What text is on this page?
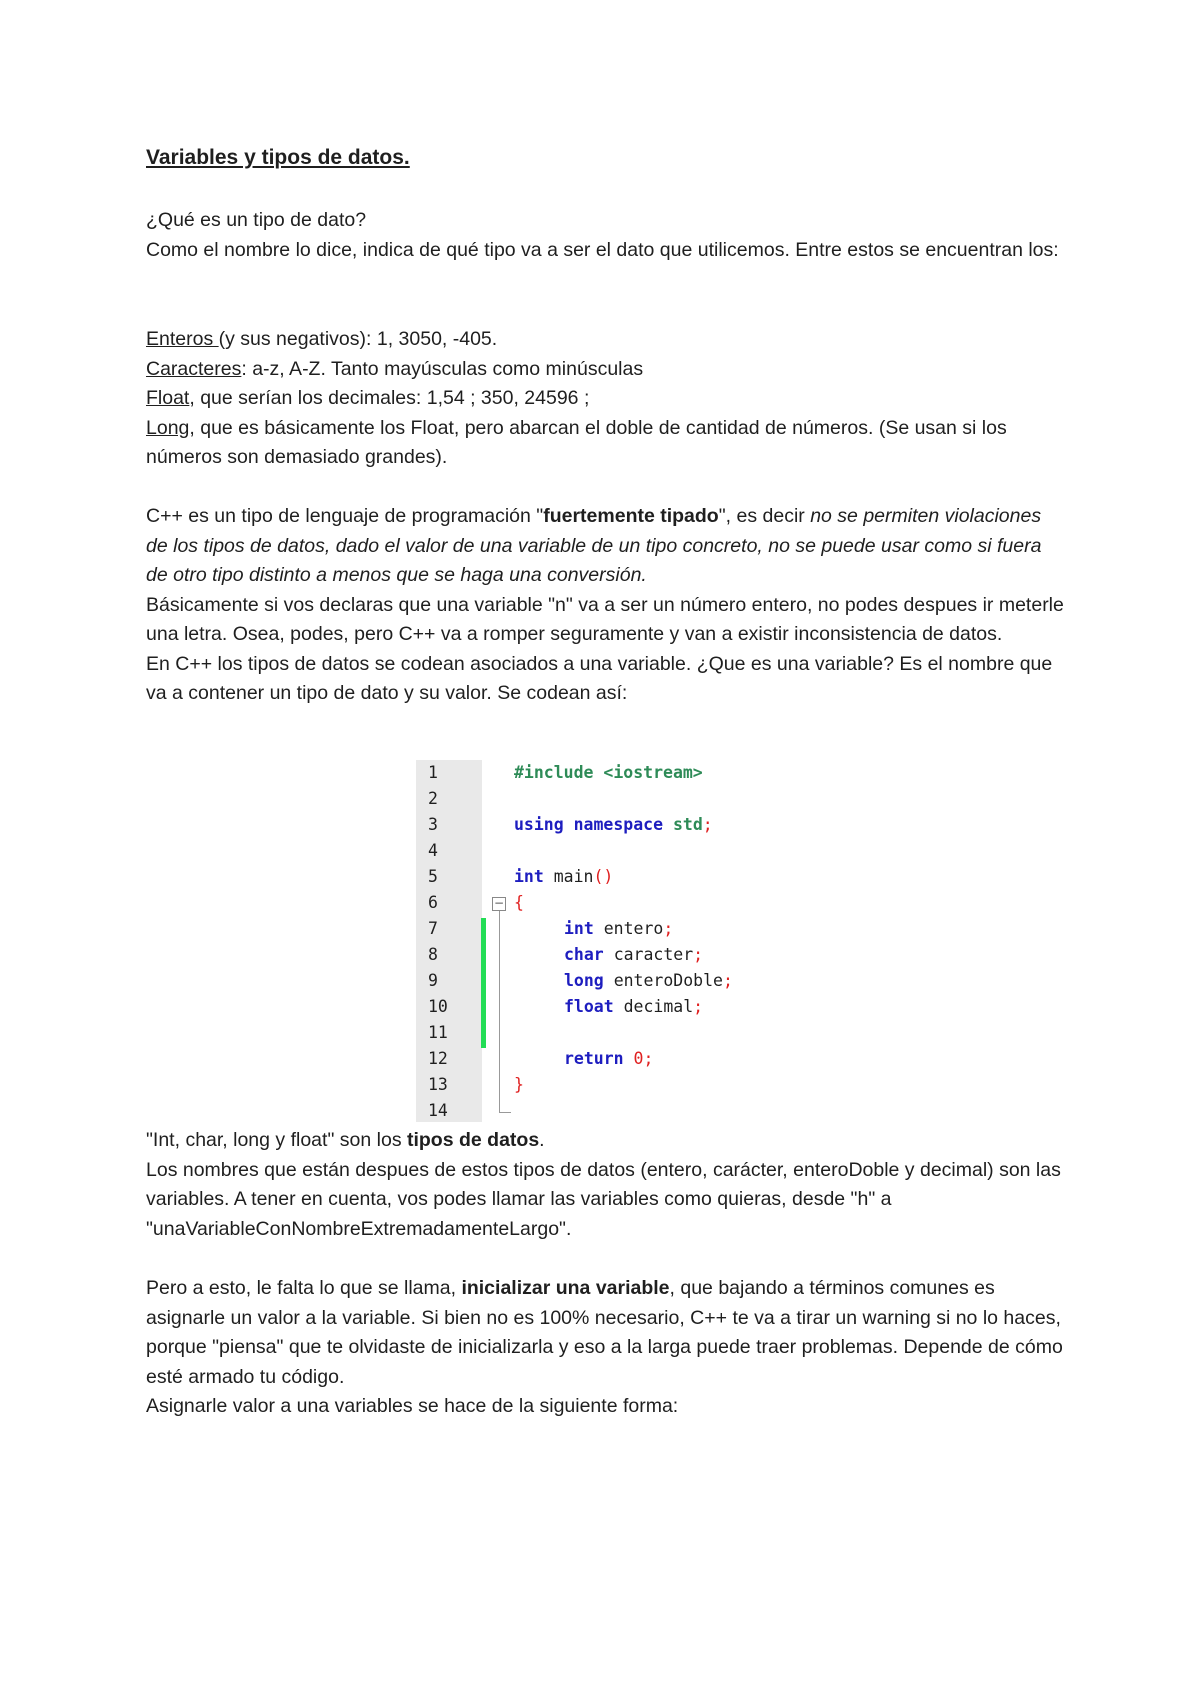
Variables y tipos de datos.

¿Qué es un tipo de dato?

Como el nombre lo dice, indica de qué tipo va a ser el dato que utilicemos. Entre estos se encuentran los:

Enteros (y sus negativos): 1, 3050, -405.

Caracteres: a-z, A-Z. Tanto mayúsculas como minúsculas

Float, que serían los decimales: 1,54 ; 350, 24596 ;

Long, que es básicamente los Float, pero abarcan el doble de cantidad de números. (Se usan si los números son demasiado grandes).

C++ es un tipo de lenguaje de programación "fuertemente tipado", es decir no se permiten violaciones de los tipos de datos, dado el valor de una variable de un tipo concreto, no se puede usar como si fuera de otro tipo distinto a menos que se haga una conversión.

Básicamente si vos declaras que una variable "n" va a ser un número entero, no podes despues ir meterle una letra. Osea, podes, pero C++ va a romper seguramente y van a existir inconsistencia de datos.

En C++ los tipos de datos se codean asociados a una variable. ¿Que es una variable? Es el nombre que va a contener un tipo de dato y su valor. Se codean así:

"Int, char, long y float" son los tipos de datos.

Los nombres que están despues de estos tipos de datos (entero, carácter, enteroDoble y decimal) son las variables. A tener en cuenta, vos podes llamar las variables como quieras, desde "h" a "unaVariableConNombreExtremadamenteLargo".

Pero a esto, le falta lo que se llama, inicializar una variable, que bajando a términos comunes es asignarle un valor a la variable. Si bien no es 100% necesario, C++ te va a tirar un warning si no lo haces, porque "piensa" que te olvidaste de inicializarla y eso a la larga puede traer problemas. Depende de cómo esté armado tu código.

Asignarle valor a una variables se hace de la siguiente forma:

1	#include <iostream>
2
3	using namespace std;
4
5	int main()
6	{
7	int entero;
8	char caracter;
9	long enteroDoble;
10	float decimal;
11
12	return 0;
13	}
14
−
